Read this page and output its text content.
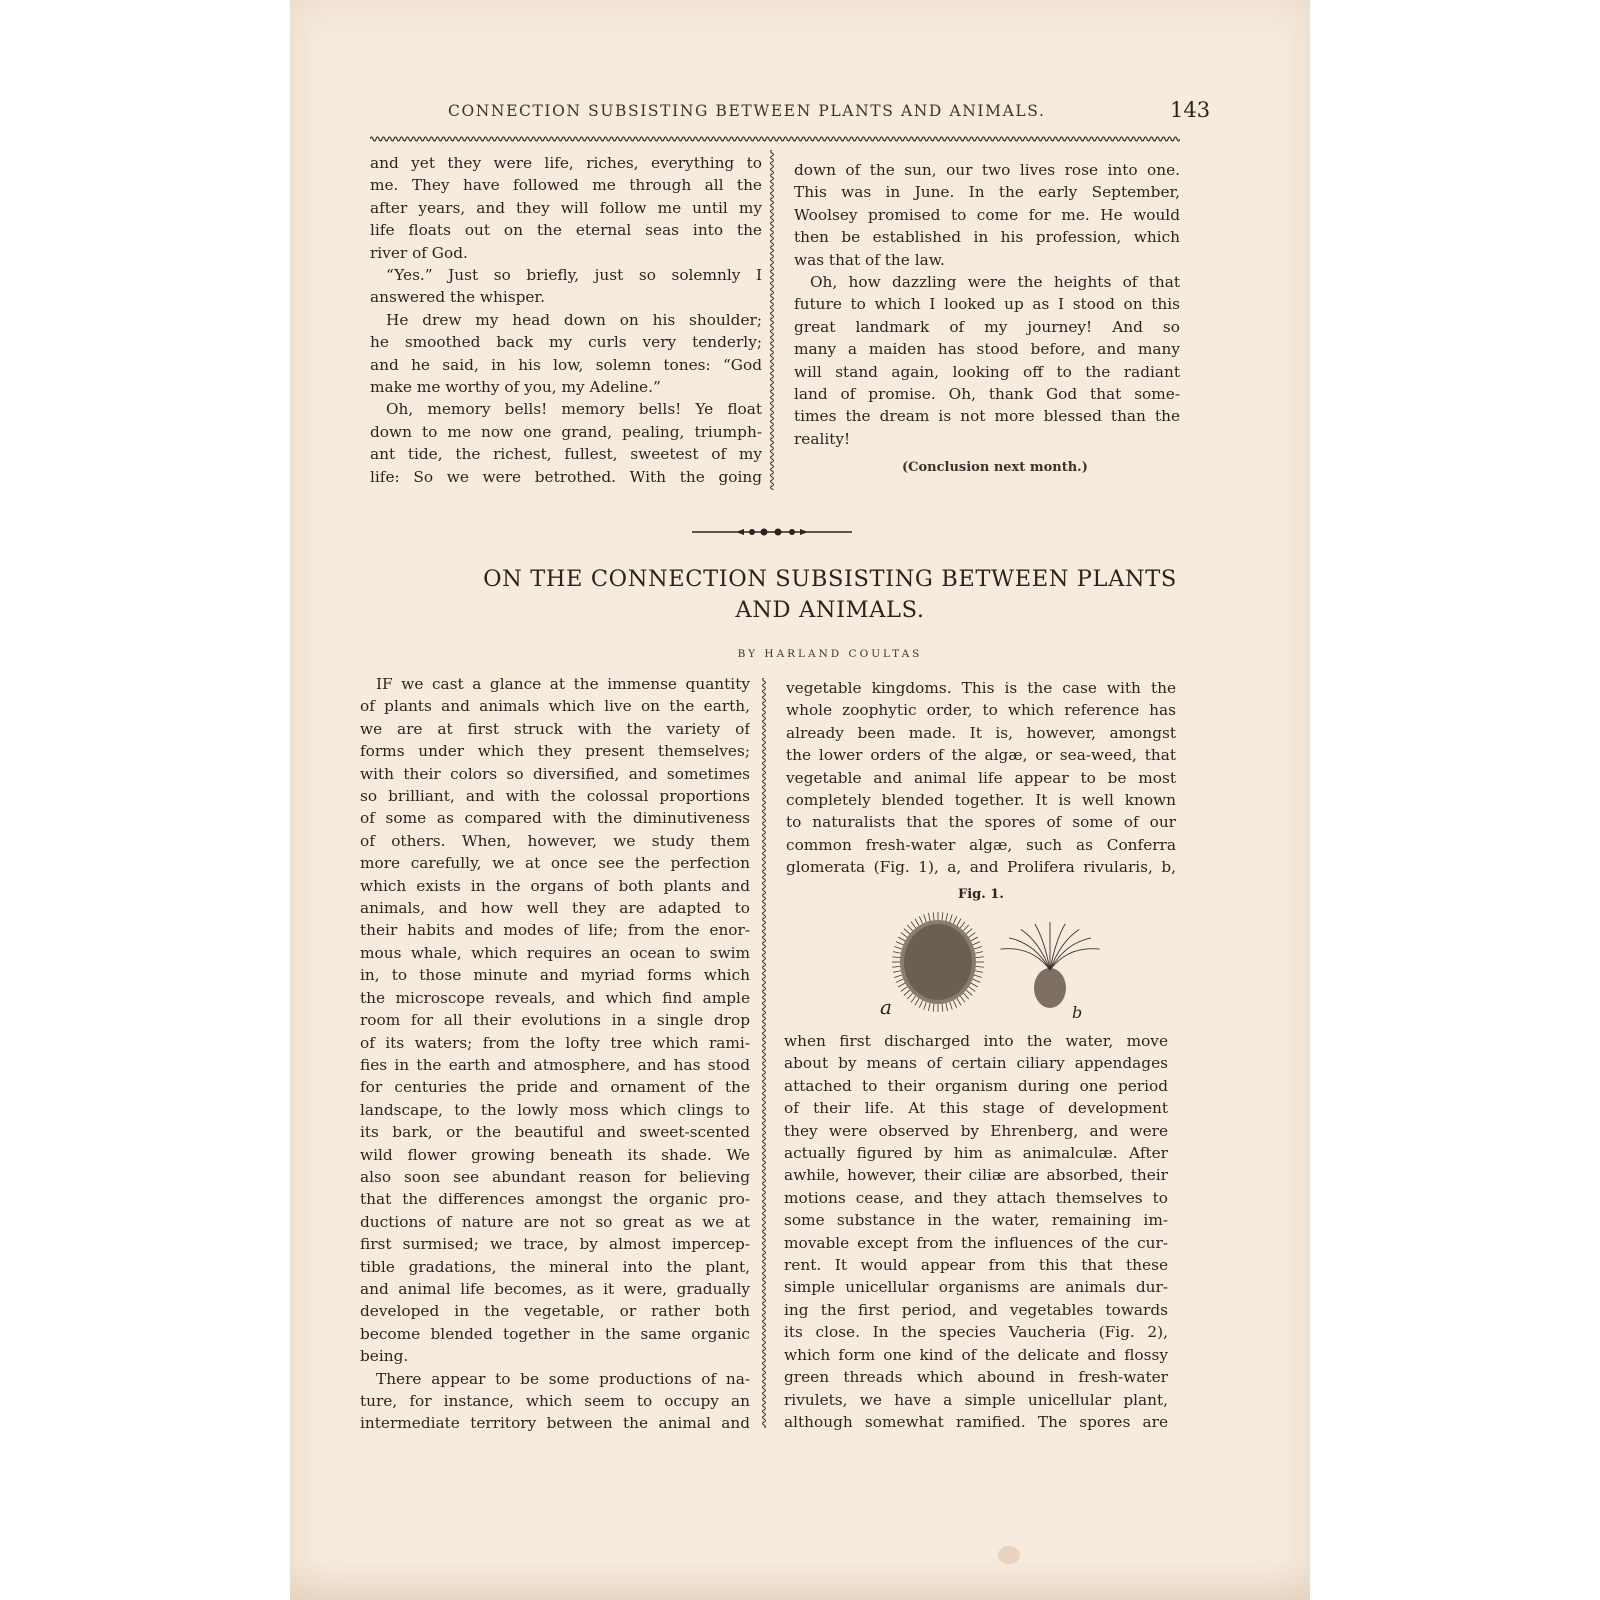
CONNECTION SUBSISTING BETWEEN PLANTS AND ANIMALS.	143
and yet they were life, riches, everything to
me. They have followed me through all the
after years, and they will follow me until my
life floats out on the eternal seas into the
river of God.
“Yes.” Just so briefly, just so solemnly I
answered the whisper.
He drew my head down on his shoulder;
he smoothed back my curls very tenderly;
and he said, in his low, solemn tones: “God
make me worthy of you, my Adeline.”
Oh, memory bells! memory bells! Ye float
down to me now one grand, pealing, triumph-
ant tide, the richest, fullest, sweetest of my
life: So we were betrothed. With the going
down of the sun, our two lives rose into one.
This was in June. In the early September,
Woolsey promised to come for me. He would
then be established in his profession, which
was that of the law.
Oh, how dazzling were the heights of that
future to which I looked up as I stood on this
great landmark of my journey! And so
many a maiden has stood before, and many
will stand again, looking off to the radiant
land of promise. Oh, thank God that some-
times the dream is not more blessed than the
reality!
(Conclusion next month.)
ON THE CONNECTION SUBSISTING BETWEEN PLANTS
AND ANIMALS.
BY HARLAND COULTAS
IF we cast a glance at the immense quantity
of plants and animals which live on the earth,
we are at first struck with the variety of
forms under which they present themselves;
with their colors so diversified, and sometimes
so brilliant, and with the colossal proportions
of some as compared with the diminutiveness
of others. When, however, we study them
more carefully, we at once see the perfection
which exists in the organs of both plants and
animals, and how well they are adapted to
their habits and modes of life; from the enor-
mous whale, which requires an ocean to swim
in, to those minute and myriad forms which
the microscope reveals, and which find ample
room for all their evolutions in a single drop
of its waters; from the lofty tree which rami-
fies in the earth and atmosphere, and has stood
for centuries the pride and ornament of the
landscape, to the lowly moss which clings to
its bark, or the beautiful and sweet-scented
wild flower growing beneath its shade. We
also soon see abundant reason for believing
that the differences amongst the organic pro-
ductions of nature are not so great as we at
first surmised; we trace, by almost impercep-
tible gradations, the mineral into the plant,
and animal life becomes, as it were, gradually
developed in the vegetable, or rather both
become blended together in the same organic
being.
There appear to be some productions of na-
ture, for instance, which seem to occupy an
intermediate territory between the animal and
vegetable kingdoms. This is the case with the
whole zoophytic order, to which reference has
already been made. It is, however, amongst
the lower orders of the algæ, or sea-weed, that
vegetable and animal life appear to be most
completely blended together. It is well known
to naturalists that the spores of some of our
common fresh-water algæ, such as Conferra
glomerata (Fig. 1), a, and Prolifera rivularis, b,
Fig. 1.
a	b
when first discharged into the water, move
about by means of certain ciliary appendages
attached to their organism during one period
of their life. At this stage of development
they were observed by Ehrenberg, and were
actually figured by him as animalculæ. After
awhile, however, their ciliæ are absorbed, their
motions cease, and they attach themselves to
some substance in the water, remaining im-
movable except from the influences of the cur-
rent. It would appear from this that these
simple unicellular organisms are animals dur-
ing the first period, and vegetables towards
its close. In the species Vaucheria (Fig. 2),
which form one kind of the delicate and flossy
green threads which abound in fresh-water
rivulets, we have a simple unicellular plant,
although somewhat ramified. The spores are
